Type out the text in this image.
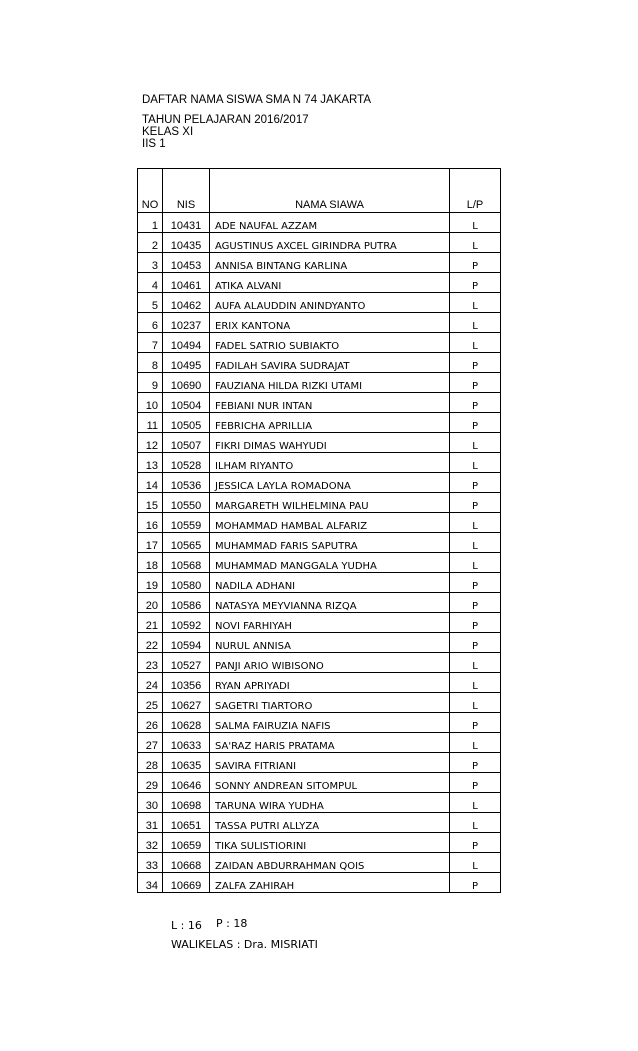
DAFTAR NAMA SISWA SMA N 74 JAKARTA
TAHUN PELAJARAN 2016/2017
KELAS XI
IIS 1
NO	NIS	NAMA SIAWA	L/P
1	10431	ADE NAUFAL AZZAM	L
2	10435	AGUSTINUS AXCEL GIRINDRA PUTRA	L
3	10453	ANNISA BINTANG KARLINA	P
4	10461	ATIKA ALVANI	P
5	10462	AUFA ALAUDDIN ANINDYANTO	L
6	10237	ERIX KANTONA	L
7	10494	FADEL SATRIO SUBIAKTO	L
8	10495	FADILAH SAVIRA SUDRAJAT	P
9	10690	FAUZIANA HILDA RIZKI UTAMI	P
10	10504	FEBIANI NUR INTAN	P
11	10505	FEBRICHA APRILLIA	P
12	10507	FIKRI DIMAS WAHYUDI	L
13	10528	ILHAM RIYANTO	L
14	10536	JESSICA LAYLA ROMADONA	P
15	10550	MARGARETH WILHELMINA PAU	P
16	10559	MOHAMMAD HAMBAL ALFARIZ	L
17	10565	MUHAMMAD FARIS SAPUTRA	L
18	10568	MUHAMMAD MANGGALA YUDHA	L
19	10580	NADILA ADHANI	P
20	10586	NATASYA MEYVIANNA RIZQA	P
21	10592	NOVI FARHIYAH	P
22	10594	NURUL ANNISA	P
23	10527	PANJI ARIO WIBISONO	L
24	10356	RYAN APRIYADI	L
25	10627	SAGETRI TIARTORO	L
26	10628	SALMA FAIRUZIA NAFIS	P
27	10633	SA'RAZ HARIS PRATAMA	L
28	10635	SAVIRA FITRIANI	P
29	10646	SONNY ANDREAN SITOMPUL	P
30	10698	TARUNA WIRA YUDHA	L
31	10651	TASSA PUTRI ALLYZA	L
32	10659	TIKA SULISTIORINI	P
33	10668	ZAIDAN ABDURRAHMAN QOIS	L
34	10669	ZALFA ZAHIRAH	P
L : 16 P : 18
WALIKELAS : Dra. MISRIATI
